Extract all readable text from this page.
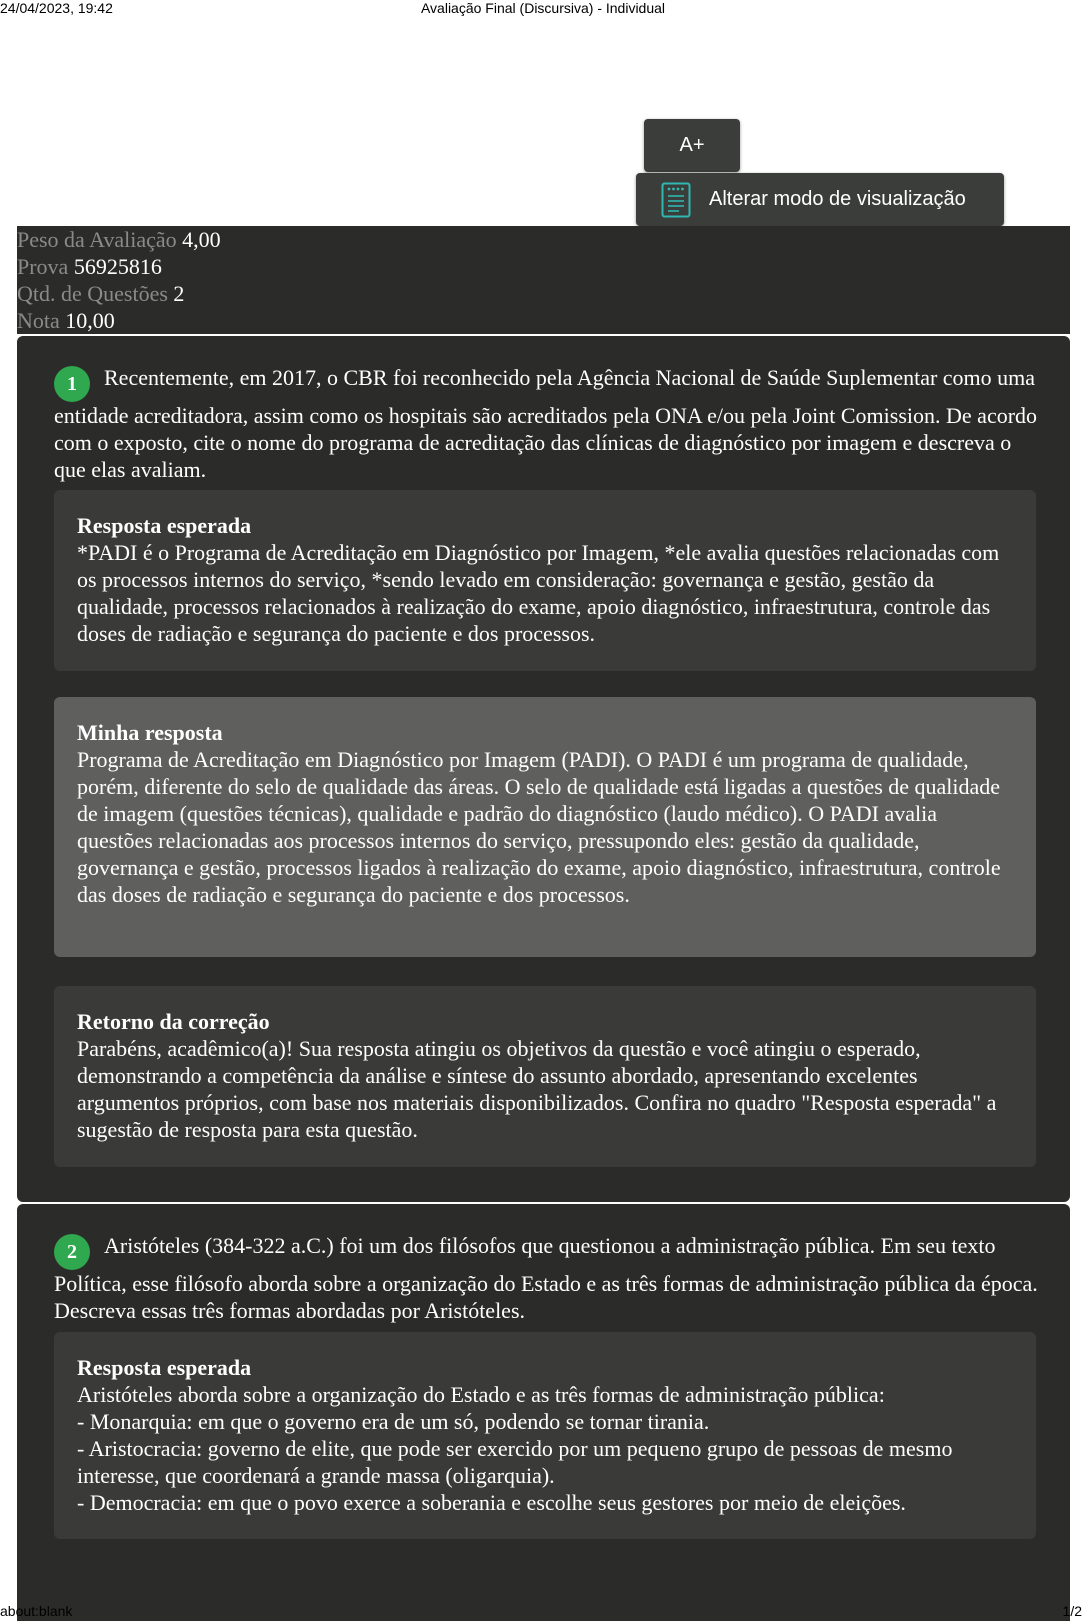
24/04/2023, 19:42	Avaliação Final (Discursiva) - Individual
A+
Alterar modo de visualização
Peso da Avaliação 4,00
Prova 56925816
Qtd. de Questões 2
Nota 10,00
1 Recentemente, em 2017, o CBR foi reconhecido pela Agência Nacional de Saúde Suplementar como uma entidade acreditadora, assim como os hospitais são acreditados pela ONA e/ou pela Joint Comission. De acordo com o exposto, cite o nome do programa de acreditação das clínicas de diagnóstico por imagem e descreva o que elas avaliam.
Resposta esperada
*PADI é o Programa de Acreditação em Diagnóstico por Imagem, *ele avalia questões relacionadas com os processos internos do serviço, *sendo levado em consideração: governança e gestão, gestão da qualidade, processos relacionados à realização do exame, apoio diagnóstico, infraestrutura, controle das doses de radiação e segurança do paciente e dos processos.
Minha resposta
Programa de Acreditação em Diagnóstico por Imagem (PADI). O PADI é um programa de qualidade, porém, diferente do selo de qualidade das áreas. O selo de qualidade está ligadas a questões de qualidade de imagem (questões técnicas), qualidade e padrão do diagnóstico (laudo médico). O PADI avalia questões relacionadas aos processos internos do serviço, pressupondo eles: gestão da qualidade, governança e gestão, processos ligados à realização do exame, apoio diagnóstico, infraestrutura, controle das doses de radiação e segurança do paciente e dos processos.
Retorno da correção
Parabéns, acadêmico(a)! Sua resposta atingiu os objetivos da questão e você atingiu o esperado, demonstrando a competência da análise e síntese do assunto abordado, apresentando excelentes argumentos próprios, com base nos materiais disponibilizados. Confira no quadro "Resposta esperada" a sugestão de resposta para esta questão.
2 Aristóteles (384-322 a.C.) foi um dos filósofos que questionou a administração pública. Em seu texto Política, esse filósofo aborda sobre a organização do Estado e as três formas de administração pública da época. Descreva essas três formas abordadas por Aristóteles.
Resposta esperada
Aristóteles aborda sobre a organização do Estado e as três formas de administração pública:
- Monarquia: em que o governo era de um só, podendo se tornar tirania.
- Aristocracia: governo de elite, que pode ser exercido por um pequeno grupo de pessoas de mesmo interesse, que coordenará a grande massa (oligarquia).
- Democracia: em que o povo exerce a soberania e escolhe seus gestores por meio de eleições.
about:blank	1/2
